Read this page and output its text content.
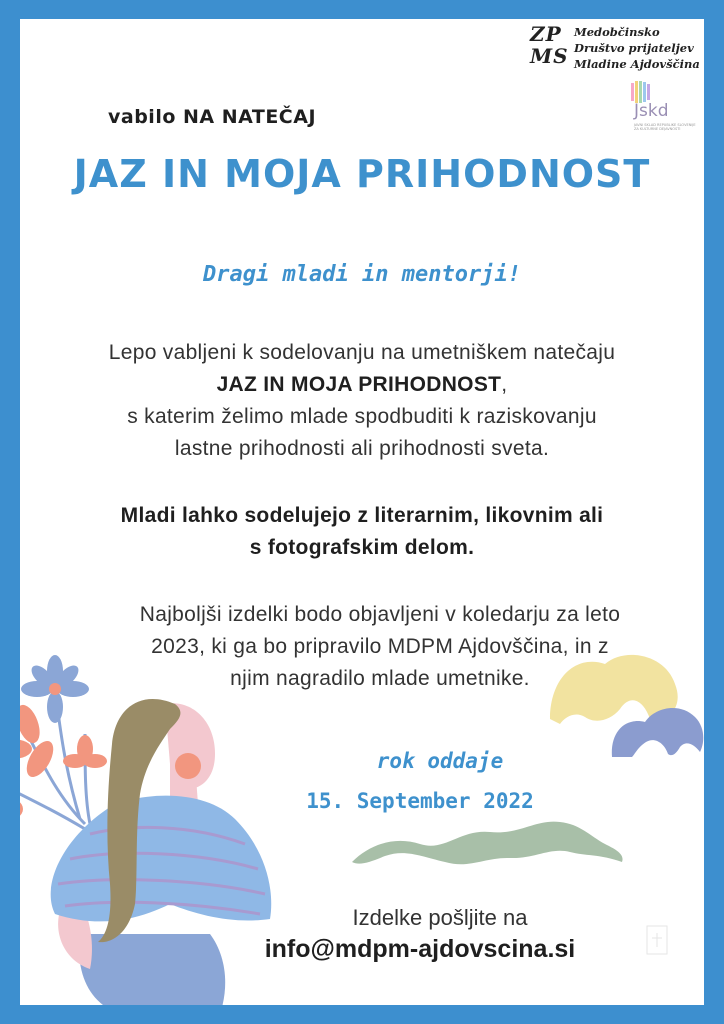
ZP
MS
Medobčinsko
Društvo prijateljev
Mladine Ajdovščina
Jskd
JAVNI SKLAD REPUBLIKE SLOVENIJE ZA KULTURNE DEJAVNOSTI
vabilo NA NATEČAJ
JAZ IN MOJA PRIHODNOST
Dragi mladi in mentorji!
Lepo vabljeni k sodelovanju na umetniškem natečaju
JAZ IN MOJA PRIHODNOST,
s katerim želimo mlade spodbuditi k raziskovanju
lastne prihodnosti ali prihodnosti sveta.
Mladi lahko sodelujejo z literarnim, likovnim ali
s fotografskim delom.
Najboljši izdelki bodo objavljeni v koledarju za leto
2023, ki ga bo pripravilo MDPM Ajdovščina, in z
njim nagradilo mlade umetnike.
rok oddaje
15. September 2022
Izdelke pošljite na
info@mdpm-ajdovscina.si
